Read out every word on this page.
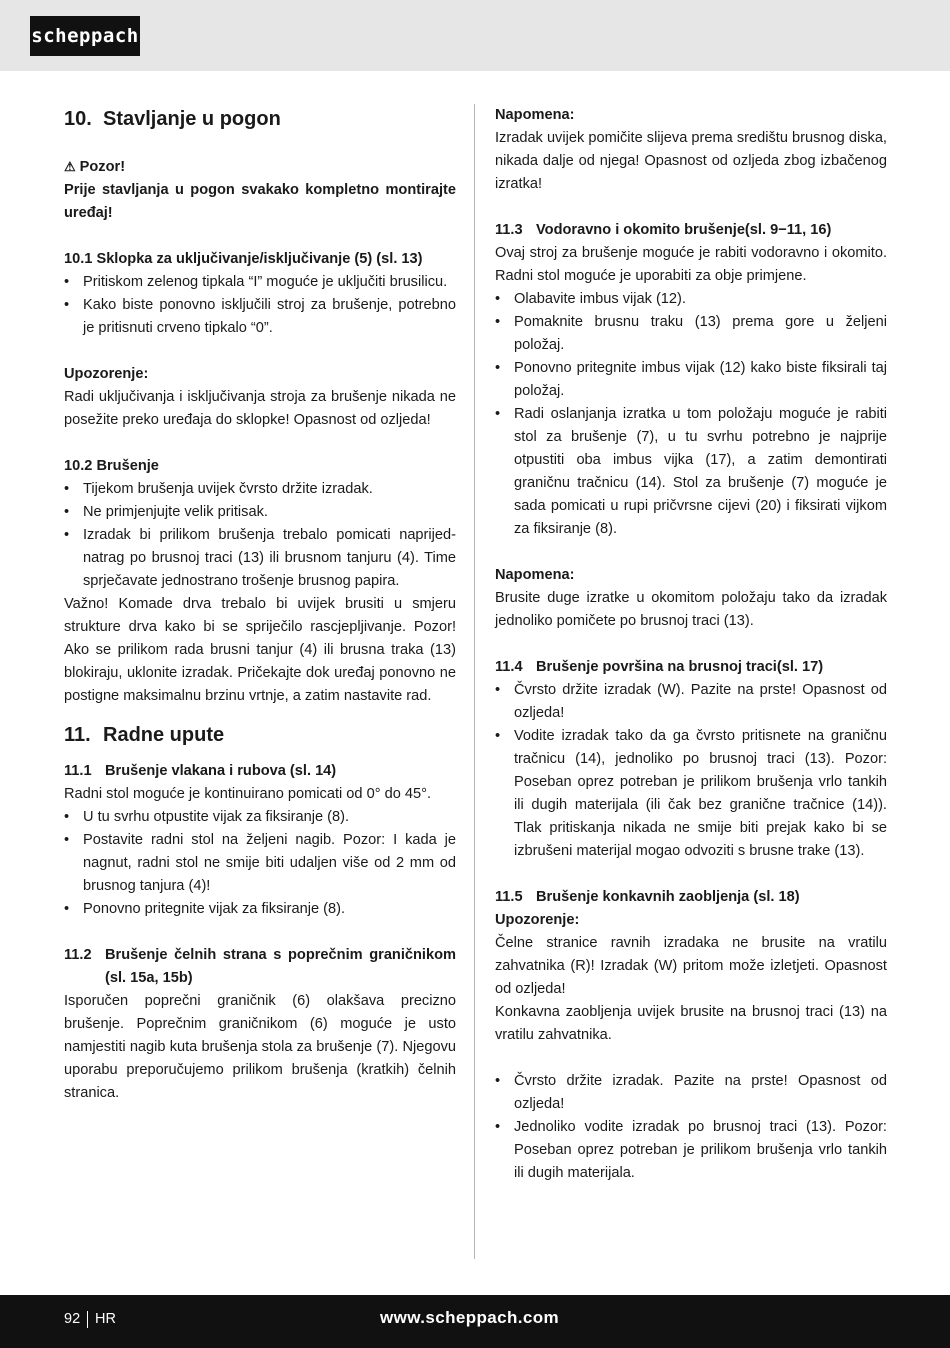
scheppach
10. Stavljanje u pogon

⚠ Pozor!

Prije stavljanja u pogon svakako kompletno montirajte uređaj!

10.1 Sklopka za uključivanje/isključivanje (5) (sl. 13)

• Pritiskom zelenog tipkala “I” moguće je uključiti brusilicu.
• Kako biste ponovno isključili stroj za brušenje, potrebno je pritisnuti crveno tipkalo “0”.

Upozorenje:

Radi uključivanja i isključivanja stroja za brušenje nikada ne posežite preko uređaja do sklopke! Opasnost od ozljeda!

10.2 Brušenje

• Tijekom brušenja uvijek čvrsto držite izradak.
• Ne primjenjujte velik pritisak.
• Izradak bi prilikom brušenja trebalo pomicati naprijed-natrag po brusnoj traci (13) ili brusnom tanjuru (4). Time sprječavate jednostrano trošenje brusnog papira.

Važno! Komade drva trebalo bi uvijek brusiti u smjeru strukture drva kako bi se spriječilo rascjepljivanje. Pozor! Ako se prilikom rada brusni tanjur (4) ili brusna traka (13) blokiraju, uklonite izradak. Pričekajte dok uređaj ponovno ne postigne maksimalnu brzinu vrtnje, a zatim nastavite rad.

11. Radne upute

11.1 Brušenje vlakana i rubova (sl. 14)

Radni stol moguće je kontinuirano pomicati od 0° do 45°.

• U tu svrhu otpustite vijak za fiksiranje (8).
• Postavite radni stol na željeni nagib. Pozor: I kada je nagnut, radni stol ne smije biti udaljen više od 2 mm od brusnog tanjura (4)!
• Ponovno pritegnite vijak za fiksiranje (8).

11.2 Brušenje čelnih strana s poprečnim graničnikom (sl. 15a, 15b)

Isporučen poprečni graničnik (6) olakšava precizno brušenje. Poprečnim graničnikom (6) moguće je usto namjestiti nagib kuta brušenja stola za brušenje (7). Njegovu uporabu preporučujemo prilikom brušenja (kratkih) čelnih stranica.

Napomena:

Izradak uvijek pomičite slijeva prema središtu brusnog diska, nikada dalje od njega! Opasnost od ozljeda zbog izbačenog izratka!

11.3 Vodoravno i okomito brušenje(sl. 9−11, 16)

Ovaj stroj za brušenje moguće je rabiti vodoravno i okomito. Radni stol moguće je uporabiti za obje primjene.

• Olabavite imbus vijak (12).
• Pomaknite brusnu traku (13) prema gore u željeni položaj.
• Ponovno pritegnite imbus vijak (12) kako biste fiksirali taj položaj.
• Radi oslanjanja izratka u tom položaju moguće je rabiti stol za brušenje (7), u tu svrhu potrebno je najprije otpustiti oba imbus vijka (17), a zatim demontirati graničnu tračnicu (14). Stol za brušenje (7) moguće je sada pomicati u rupi pričvrsne cijevi (20) i fiksirati vijkom za fiksiranje (8).

Napomena:

Brusite duge izratke u okomitom položaju tako da izradak jednoliko pomičete po brusnoj traci (13).

11.4 Brušenje površina na brusnoj traci(sl. 17)

• Čvrsto držite izradak (W). Pazite na prste! Opasnost od ozljeda!
• Vodite izradak tako da ga čvrsto pritisnete na graničnu tračnicu (14), jednoliko po brusnoj traci (13). Pozor: Poseban oprez potreban je prilikom brušenja vrlo tankih ili dugih materijala (ili čak bez granične tračnice (14)). Tlak pritiskanja nikada ne smije biti prejak kako bi se izbrušeni materijal mogao odvoziti s brusne trake (13).

11.5 Brušenje konkavnih zaobljenja (sl. 18)

Upozorenje:

Čelne stranice ravnih izradaka ne brusite na vratilu zahvatnika (R)! Izradak (W) pritom može izletjeti. Opasnost od ozljeda!

Konkavna zaobljenja uvijek brusite na brusnoj traci (13) na vratilu zahvatnika.

• Čvrsto držite izradak. Pazite na prste! Opasnost od ozljeda!
• Jednoliko vodite izradak po brusnoj traci (13). Pozor: Poseban oprez potreban je prilikom brušenja vrlo tankih ili dugih materijala.
92 HR	www.scheppach.com
